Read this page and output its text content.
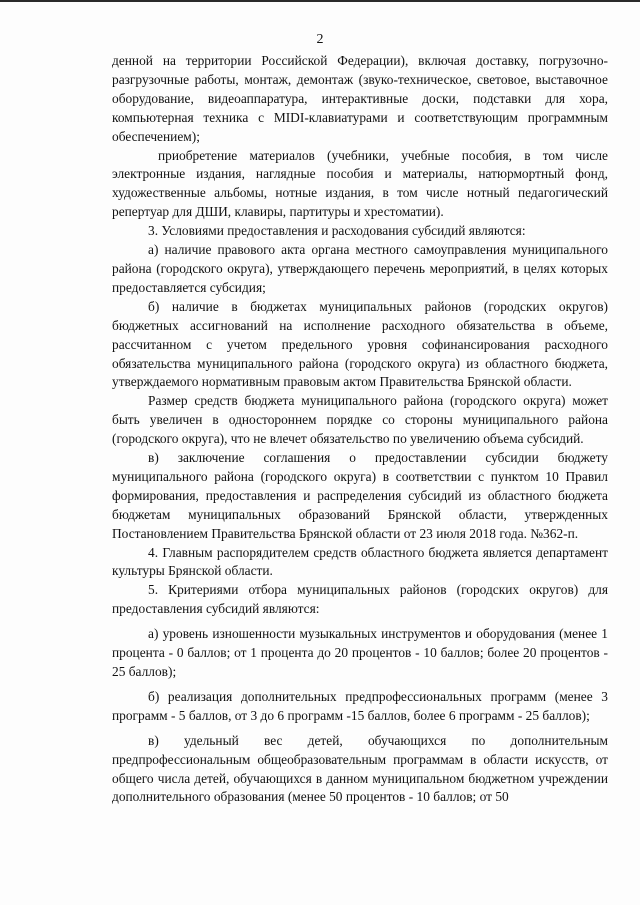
2

денной на территории Российской Федерации), включая доставку, погрузочно-разгрузочные работы, монтаж, демонтаж (звуко-техническое, световое, выставочное оборудование, видеоаппаратура, интерактивные доски, подставки для хора, компьютерная техника с MIDI-клавиатурами и соответствующим программным обеспечением);

приобретение материалов (учебники, учебные пособия, в том числе электронные издания, наглядные пособия и материалы, натюрмортный фонд, художественные альбомы, нотные издания, в том числе нотный педагогический репертуар для ДШИ, клавиры, партитуры и хрестоматии).

3. Условиями предоставления и расходования субсидий являются:

а) наличие правового акта органа местного самоуправления муниципального района (городского округа), утверждающего перечень мероприятий, в целях которых предоставляется субсидия;

б) наличие в бюджетах муниципальных районов (городских округов) бюджетных ассигнований на исполнение расходного обязательства в объеме, рассчитанном с учетом предельного уровня софинансирования расходного обязательства муниципального района (городского округа) из областного бюджета, утверждаемого нормативным правовым актом Правительства Брянской области.

Размер средств бюджета муниципального района (городского округа) может быть увеличен в одностороннем порядке со стороны муниципального района (городского округа), что не влечет обязательство по увеличению объема субсидий.

в) заключение соглашения о предоставлении субсидии бюджету муниципального района (городского округа) в соответствии с пунктом 10 Правил формирования, предоставления и распределения субсидий из областного бюджета бюджетам муниципальных образований Брянской области, утвержденных Постановлением Правительства Брянской области от 23 июля 2018 года. №362-п.

4. Главным распорядителем средств областного бюджета является департамент культуры Брянской области.

5. Критериями отбора муниципальных районов (городских округов) для предоставления субсидий являются:

а) уровень изношенности музыкальных инструментов и оборудования (менее 1 процента - 0 баллов; от 1 процента до 20 процентов - 10 баллов; более 20 процентов - 25 баллов);

б) реализация дополнительных предпрофессиональных программ (менее 3 программ - 5 баллов, от 3 до 6 программ -15 баллов, более 6 программ - 25 баллов);

в) удельный вес детей, обучающихся по дополнительным предпрофессиональным общеобразовательным программам в области искусств, от общего числа детей, обучающихся в данном муниципальном бюджетном учреждении дополнительного образования (менее 50 процентов - 10 баллов; от 50
